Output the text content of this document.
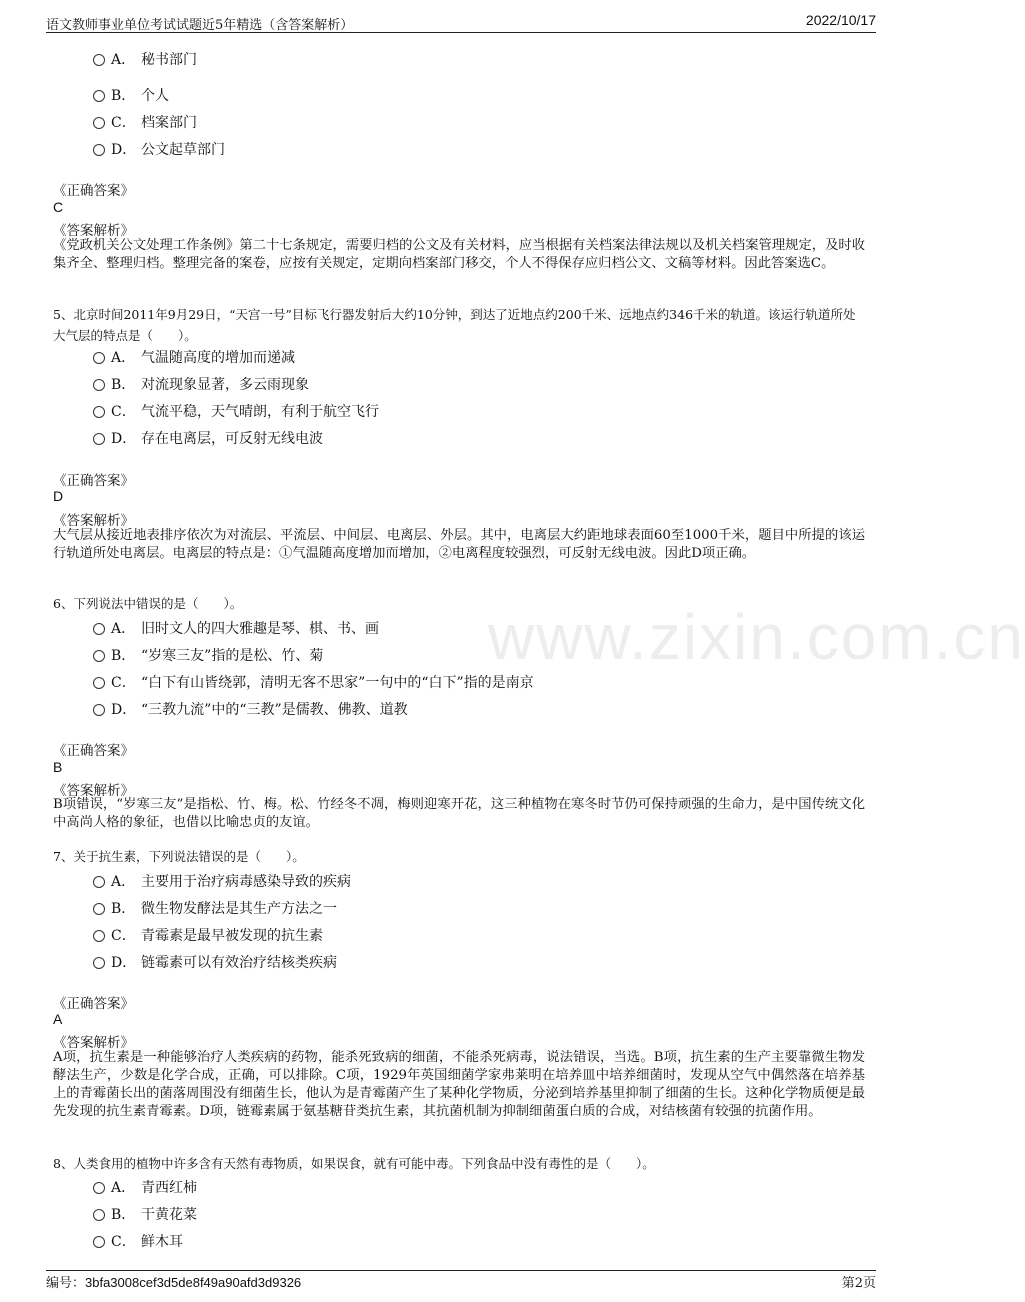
语文教师事业单位考试试题近5年精选（含答案解析）	2022/10/17
www.zixin.com.cn
A． 秘书部门
B． 个人
C． 档案部门
D． 公文起草部门
《正确答案》
C
《答案解析》
《党政机关公文处理工作条例》第二十七条规定，需要归档的公文及有关材料，应当根据有关档案法律法规以及机关档案管理规定，及时收集齐全、整理归档。整理完备的案卷，应按有关规定，定期向档案部门移交，个人不得保存应归档公文、文稿等材料。因此答案选C。
5、北京时间2011年9月29日，“天宫一号”目标飞行器发射后大约10分钟，到达了近地点约200千米、远地点约346千米的轨道。该运行轨道所处大气层的特点是（　　）。
A． 气温随高度的增加而递减
B． 对流现象显著，多云雨现象
C． 气流平稳，天气晴朗，有利于航空飞行
D． 存在电离层，可反射无线电波
《正确答案》
D
《答案解析》
大气层从接近地表排序依次为对流层、平流层、中间层、电离层、外层。其中，电离层大约距地球表面60至1000千米，题目中所提的该运行轨道所处电离层。电离层的特点是：①气温随高度增加而增加，②电离程度较强烈，可反射无线电波。因此D项正确。
6、下列说法中错误的是（　　）。
A． 旧时文人的四大雅趣是琴、棋、书、画
B． “岁寒三友”指的是松、竹、菊
C． “白下有山皆绕郭，清明无客不思家”一句中的“白下”指的是南京
D． “三教九流”中的“三教”是儒教、佛教、道教
《正确答案》
B
《答案解析》
B项错误，“岁寒三友”是指松、竹、梅。松、竹经冬不凋，梅则迎寒开花，这三种植物在寒冬时节仍可保持顽强的生命力，是中国传统文化中高尚人格的象征，也借以比喻忠贞的友谊。
7、关于抗生素，下列说法错误的是（　　）。
A． 主要用于治疗病毒感染导致的疾病
B． 微生物发酵法是其生产方法之一
C． 青霉素是最早被发现的抗生素
D． 链霉素可以有效治疗结核类疾病
《正确答案》
A
《答案解析》
A项，抗生素是一种能够治疗人类疾病的药物，能杀死致病的细菌，不能杀死病毒，说法错误，当选。B项，抗生素的生产主要靠微生物发酵法生产，少数是化学合成，正确，可以排除。C项，1929年英国细菌学家弗莱明在培养皿中培养细菌时，发现从空气中偶然落在培养基上的青霉菌长出的菌落周围没有细菌生长，他认为是青霉菌产生了某种化学物质，分泌到培养基里抑制了细菌的生长。这种化学物质便是最先发现的抗生素青霉素。D项，链霉素属于氨基糖苷类抗生素，其抗菌机制为抑制细菌蛋白质的合成，对结核菌有较强的抗菌作用。
8、人类食用的植物中许多含有天然有毒物质，如果误食，就有可能中毒。下列食品中没有毒性的是（　　）。
A． 青西红柿
B． 干黄花菜
C． 鲜木耳
编号：3bfa3008cef3d5de8f49a90afd3d9326	第2页
